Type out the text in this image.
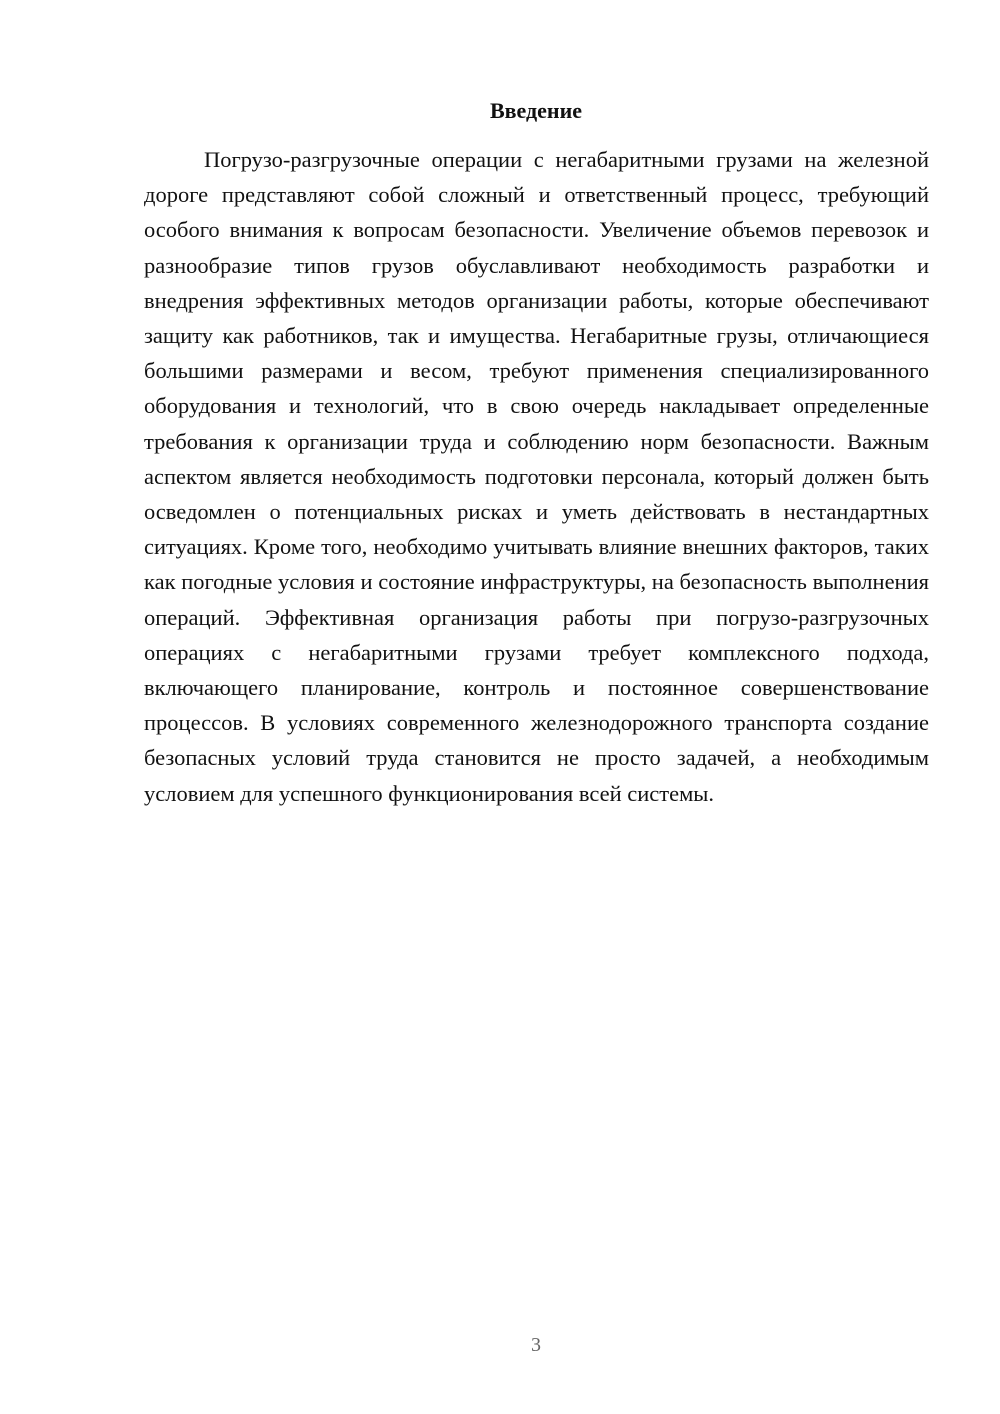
Введение

Погрузо-разгрузочные операции с негабаритными грузами на железной дороге представляют собой сложный и ответственный процесс, требующий особого внимания к вопросам безопасности. Увеличение объемов перевозок и разнообразие типов грузов обуславливают необходимость разработки и внедрения эффективных методов организации работы, которые обеспечивают защиту как работников, так и имущества. Негабаритные грузы, отличающиеся большими размерами и весом, требуют применения специализированного оборудования и технологий, что в свою очередь накладывает определенные требования к организации труда и соблюдению норм безопасности. Важным аспектом является необходимость подготовки персонала, который должен быть осведомлен о потенциальных рисках и уметь действовать в нестандартных ситуациях. Кроме того, необходимо учитывать влияние внешних факторов, таких как погодные условия и состояние инфраструктуры, на безопасность выполнения операций. Эффективная организация работы при погрузо-разгрузочных операциях с негабаритными грузами требует комплексного подхода, включающего планирование, контроль и постоянное совершенствование процессов. В условиях современного железнодорожного транспорта создание безопасных условий труда становится не просто задачей, а необходимым условием для успешного функционирования всей системы.

3
